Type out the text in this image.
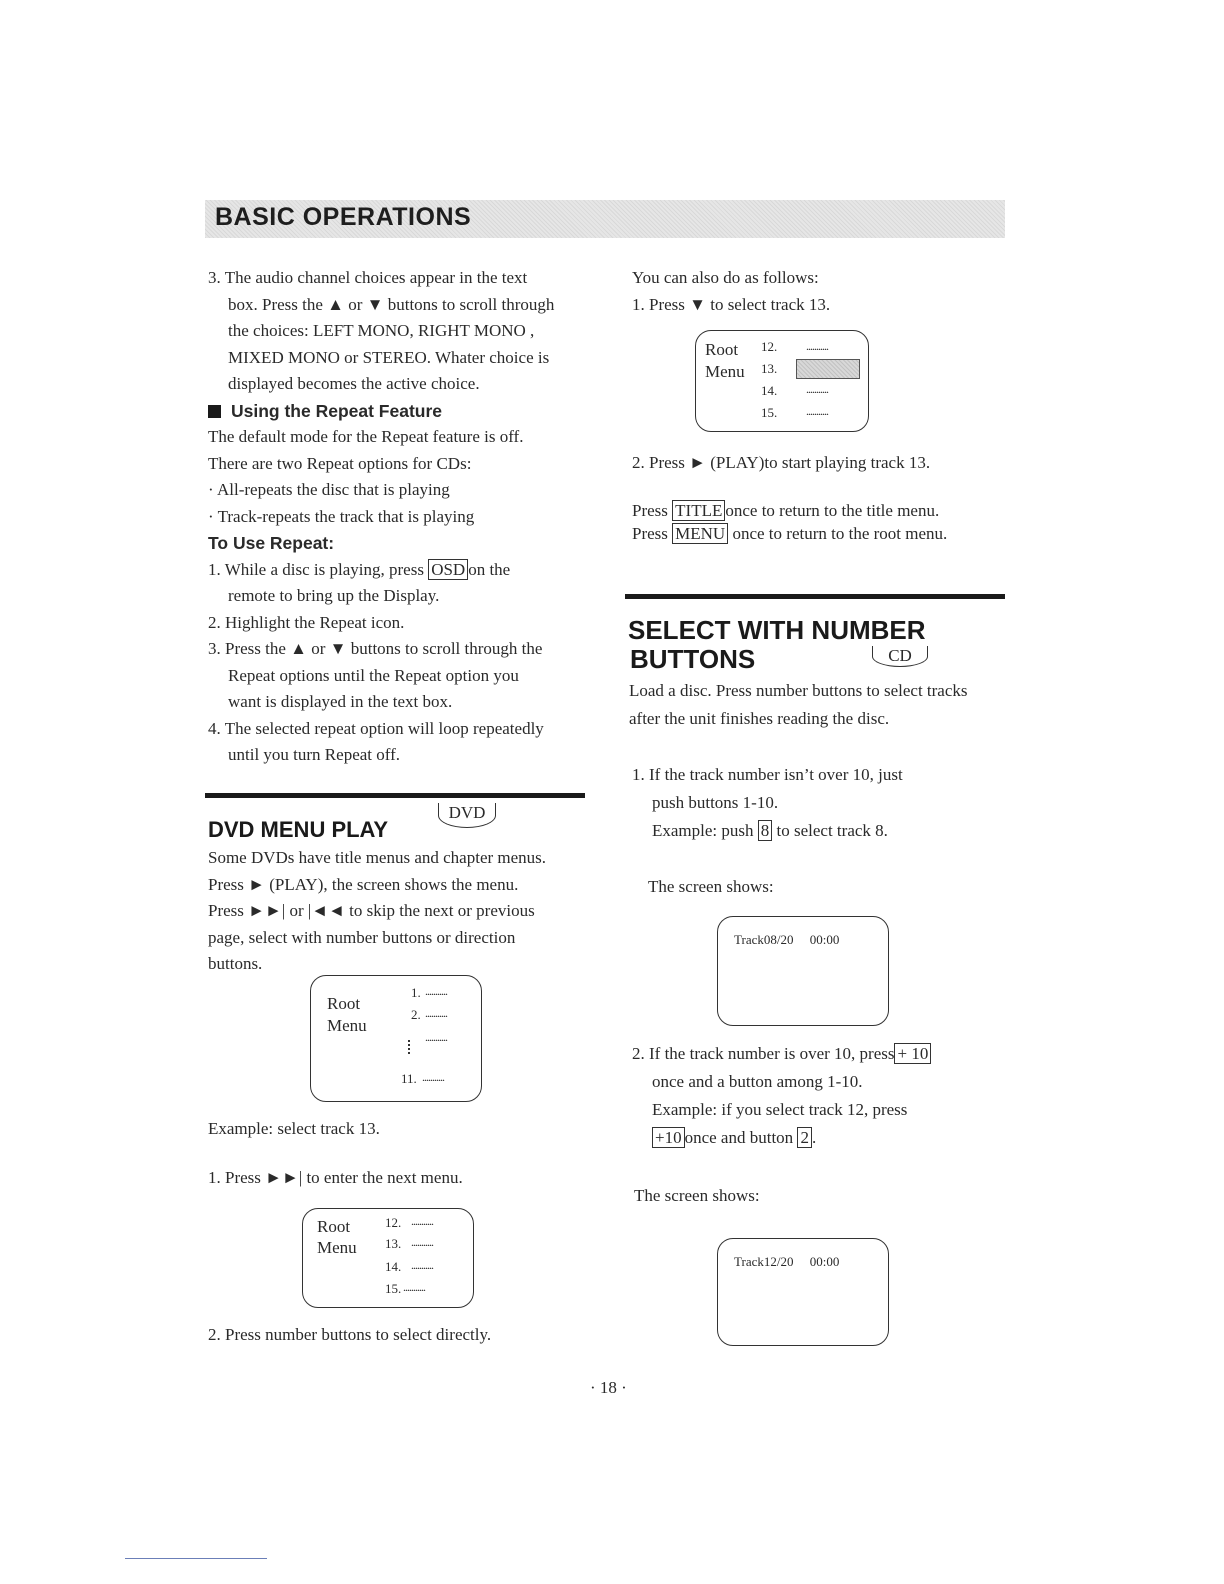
BASIC OPERATIONS

3. The audio channel choices appear in the text

box. Press the ▲ or ▼ buttons to scroll through

the choices: LEFT MONO, RIGHT MONO ,

MIXED MONO or STEREO. Whater choice is

displayed becomes the active choice.

Using the Repeat Feature

The default mode for the Repeat feature is off.

There are two Repeat options for CDs:

· All-repeats the disc that is playing

· Track-repeats the track that is playing

To Use Repeat:

1. While a disc is playing, press OSD on the

remote to bring up the Display.

2. Highlight the Repeat icon.

3. Press the ▲ or ▼ buttons to scroll through the

Repeat options until the Repeat option you

want is displayed in the text box.

4. The selected repeat option will loop repeatedly

until you turn Repeat off.

DVD MENU PLAY
DVD

Some DVDs have title menus and chapter menus.

Press ► (PLAY), the screen shows the menu.

Press ►►| or |◄◄ to skip the next or previous

page, select with number buttons or direction

buttons.

Root
Menu
1. ...........
2. ...........
...........
11. ...........
Example: select track 13.
1. Press ►►| to enter the next menu.
Root
Menu
12. ...........
13. ...........
14. ...........
15. ...........
2. Press number buttons to select directly.
You can also do as follows:
1. Press ▼ to select track 13.
Root
Menu
12. ...........
13.
14. ...........
15. ...........
2. Press ► (PLAY)to start playing track 13.
Press TITLE once to return to the title menu.
Press MENU once to return to the root menu.
SELECT WITH NUMBER
BUTTONS	CD

Load a disc. Press number buttons to select tracks

after the unit finishes reading the disc.

1. If the track number isn’t over 10, just

push buttons 1-10.

Example: push 8 to select track 8.

The screen shows:
Track08/20     00:00

2. If the track number is over 10, press + 10

once and a button among 1-10.

Example: if you select track 12, press

+10 once and button 2 .

The screen shows:
Track12/20     00:00
· 18 ·
